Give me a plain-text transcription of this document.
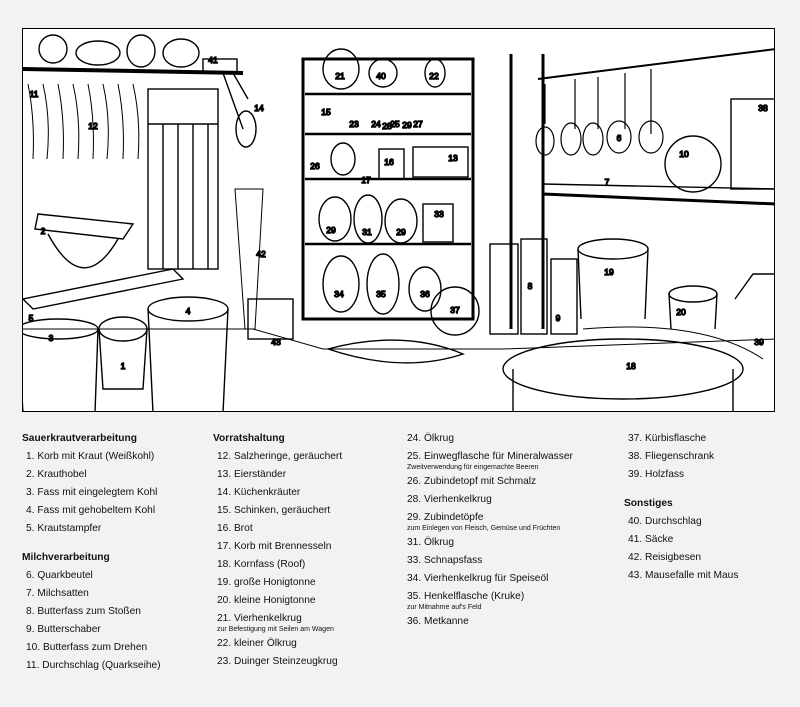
1
2
3
4
5
6
7
8
9
10
11
12
13
14	15
16
17
18
19
20
21	22
23 24 25
26
27
28
29	29
29
31
33
34	35	36
37
38
39
40
41
42
43
Sauerkrautverarbeitung
1. Korb mit Kraut (Weißkohl)
2. Krauthobel
3. Fass mit eingelegtem Kohl
4. Fass mit gehobeltem Kohl
5. Krautstampfer
Milchverarbeitung
6. Quarkbeutel
7. Milchsatten
8. Butterfass zum Stoßen
9. Butterschaber
10. Butterfass zum Drehen
11. Durchschlag (Quarkseihe)
Vorratshaltung
12. Salzheringe, geräuchert
13. Eierständer
14. Küchenkräuter
15. Schinken, geräuchert
16. Brot
17. Korb mit Brennesseln
18. Kornfass (Roof)
19. große Honigtonne
20. kleine Honigtonne
21. Vierhenkelkrug
zur Befestigung mit Seilen am Wagen
22. kleiner Ölkrug
23. Duinger Steinzeugkrug
24. Ölkrug
25. Einwegflasche für Mineralwasser
Zweitverwendung für eingemachte Beeren
26. Zubindetopf mit Schmalz
28. Vierhenkelkrug
29. Zubindetöpfe
zum Einlegen von Fleisch, Gemüse und Früchten
31. Ölkrug
33. Schnapsfass
34. Vierhenkelkrug für Speiseöl
35. Henkelflasche (Kruke)
zur Mitnahme auf's Feld
36. Metkanne
37. Kürbisflasche
38. Fliegenschrank
39. Holzfass
Sonstiges
40. Durchschlag
41. Säcke
42. Reisigbesen
43. Mausefalle mit Maus
